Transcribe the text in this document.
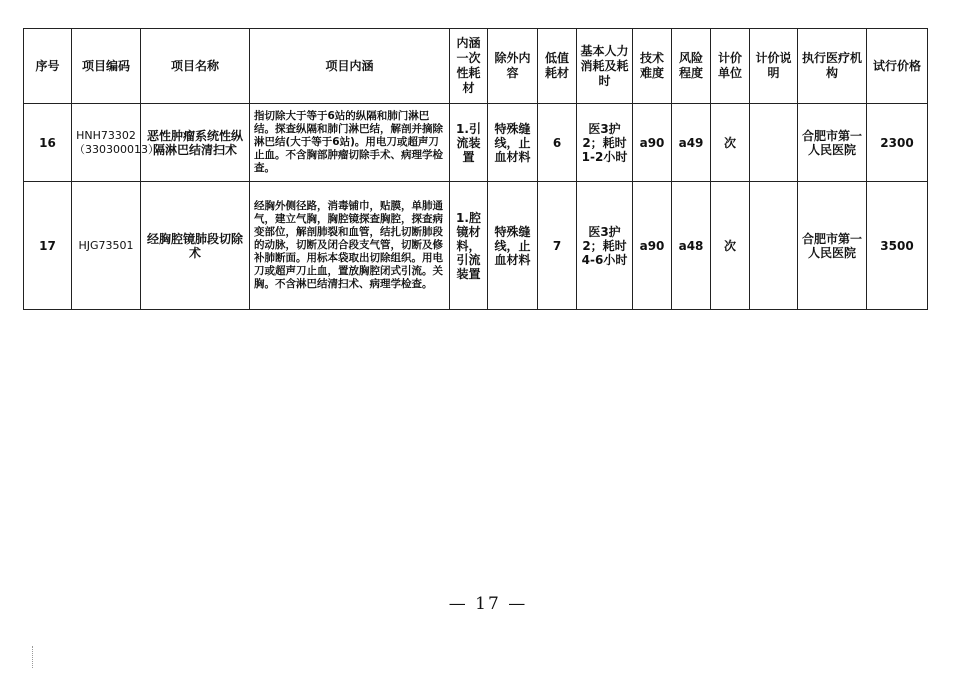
序号	项目编码	项目名称	项目内涵	内涵一次性耗材	除外内容	低值耗材	基本人力消耗及耗时	技术难度	风险程度	计价单位	计价说明	执行医疗机构	试行价格
16	HNH73302（330300013）	恶性肿瘤系统性纵隔淋巴结清扫术	指切除大于等于6站的纵隔和肺门淋巴结。探查纵隔和肺门淋巴结，解剖并摘除淋巴结(大于等于6站)。用电刀或超声刀止血。不含胸部肿瘤切除手术、病理学检查。	1.引流装置	特殊缝线，止血材料	6	医3护2；耗时1-2小时	a90	a49	次		合肥市第一人民医院	2300
17	HJG73501	经胸腔镜肺段切除术	经胸外侧径路，消毒铺巾，贴膜，单肺通气，建立气胸，胸腔镜探查胸腔，探查病变部位，解剖肺裂和血管，结扎切断肺段的动脉，切断及闭合段支气管，切断及修补肺断面。用标本袋取出切除组织。用电刀或超声刀止血，置放胸腔闭式引流。关胸。不含淋巴结清扫术、病理学检查。	1.腔镜材料，引流装置	特殊缝线，止血材料	7	医3护2；耗时4-6小时	a90	a48	次		合肥市第一人民医院	3500
— 17 —
